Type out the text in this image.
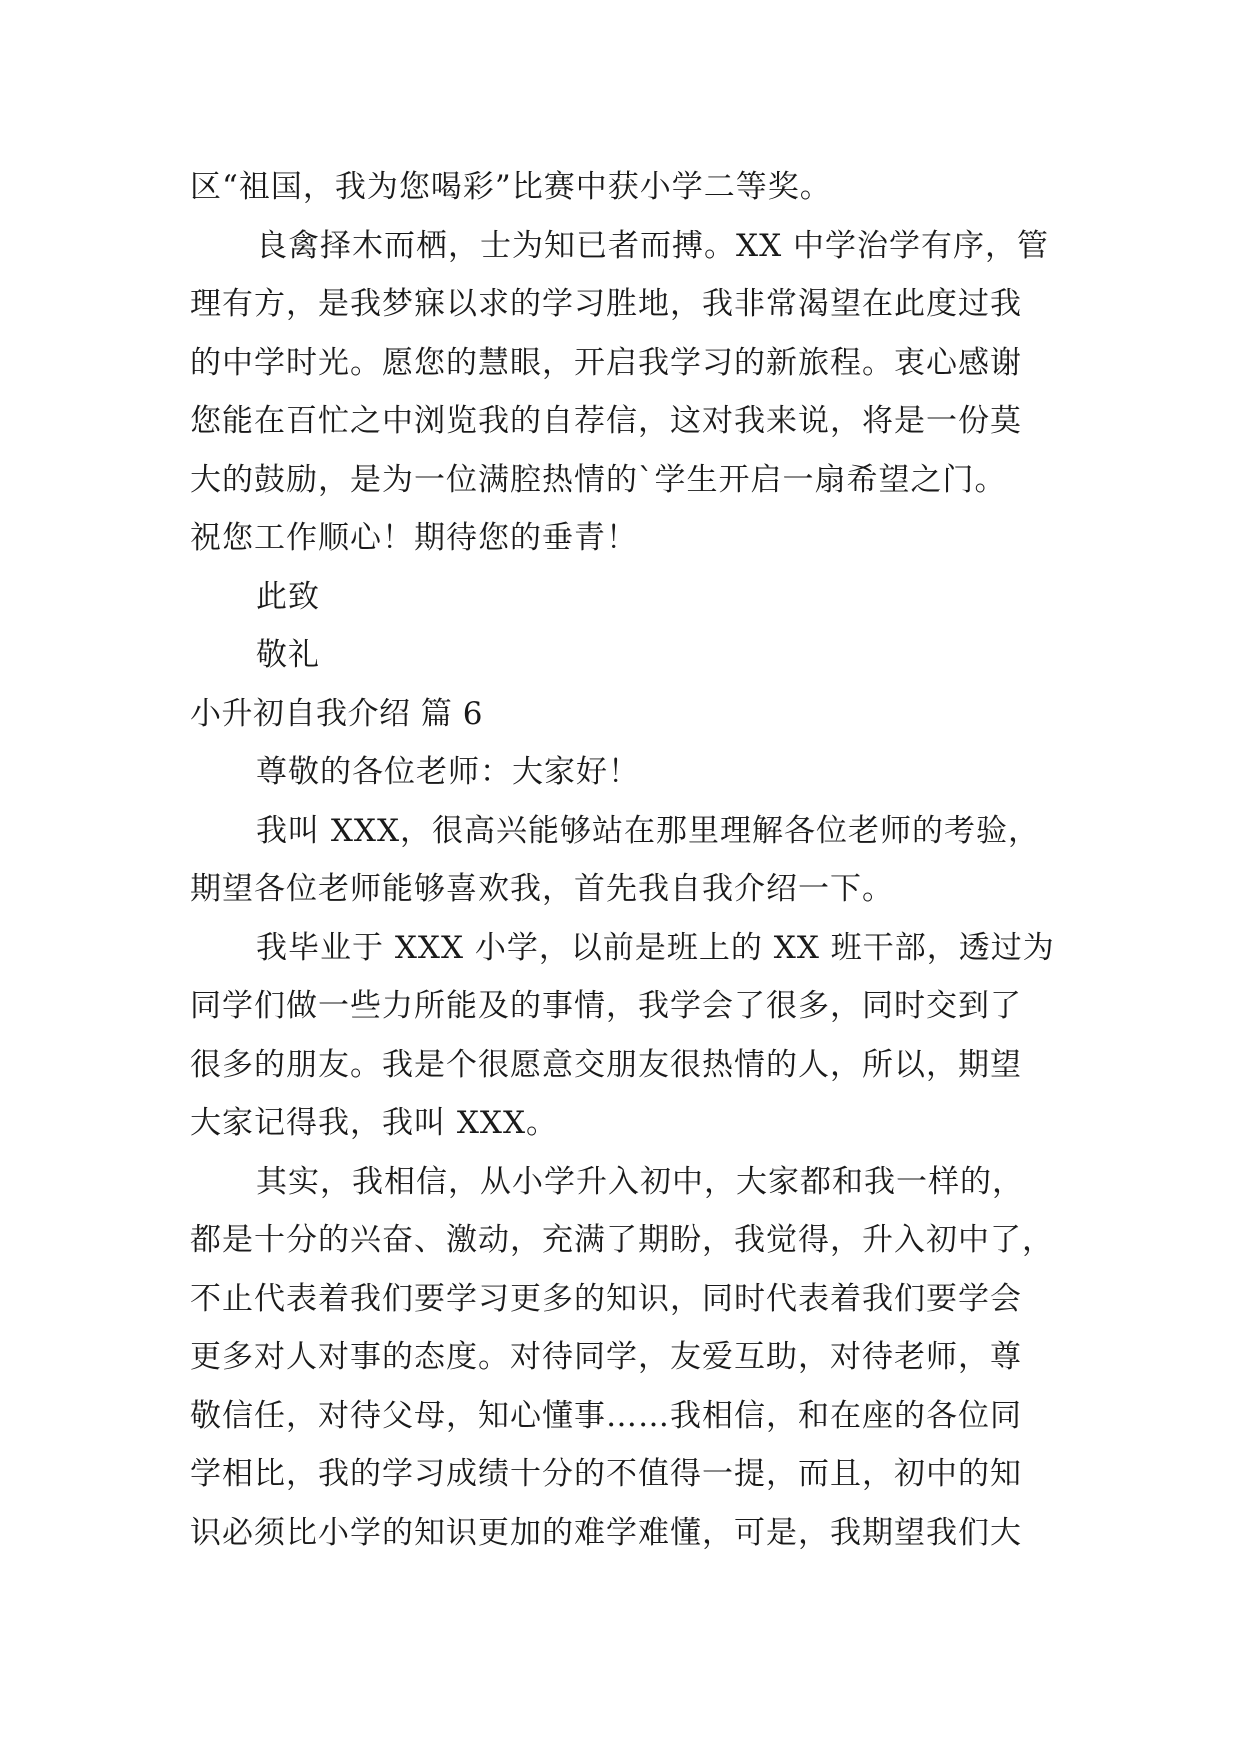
区“祖国，我为您喝彩”比赛中获小学二等奖。
良禽择木而栖，士为知已者而搏。XX 中学治学有序，管
理有方，是我梦寐以求的学习胜地，我非常渴望在此度过我
的中学时光。愿您的慧眼，开启我学习的新旅程。衷心感谢
您能在百忙之中浏览我的自荐信，这对我来说，将是一份莫
大的鼓励，是为一位满腔热情的`学生开启一扇希望之门。
祝您工作顺心！期待您的垂青！
此致
敬礼
小升初自我介绍 篇 6
尊敬的各位老师：大家好！
我叫 XXX，很高兴能够站在那里理解各位老师的考验，
期望各位老师能够喜欢我，首先我自我介绍一下。
我毕业于 XXX 小学，以前是班上的 XX 班干部，透过为
同学们做一些力所能及的事情，我学会了很多，同时交到了
很多的朋友。我是个很愿意交朋友很热情的人，所以，期望
大家记得我，我叫 XXX。
其实，我相信，从小学升入初中，大家都和我一样的，
都是十分的兴奋、激动，充满了期盼，我觉得，升入初中了，
不止代表着我们要学习更多的知识，同时代表着我们要学会
更多对人对事的态度。对待同学，友爱互助，对待老师，尊
敬信任，对待父母，知心懂事……我相信，和在座的各位同
学相比，我的学习成绩十分的不值得一提，而且，初中的知
识必须比小学的知识更加的难学难懂，可是，我期望我们大
